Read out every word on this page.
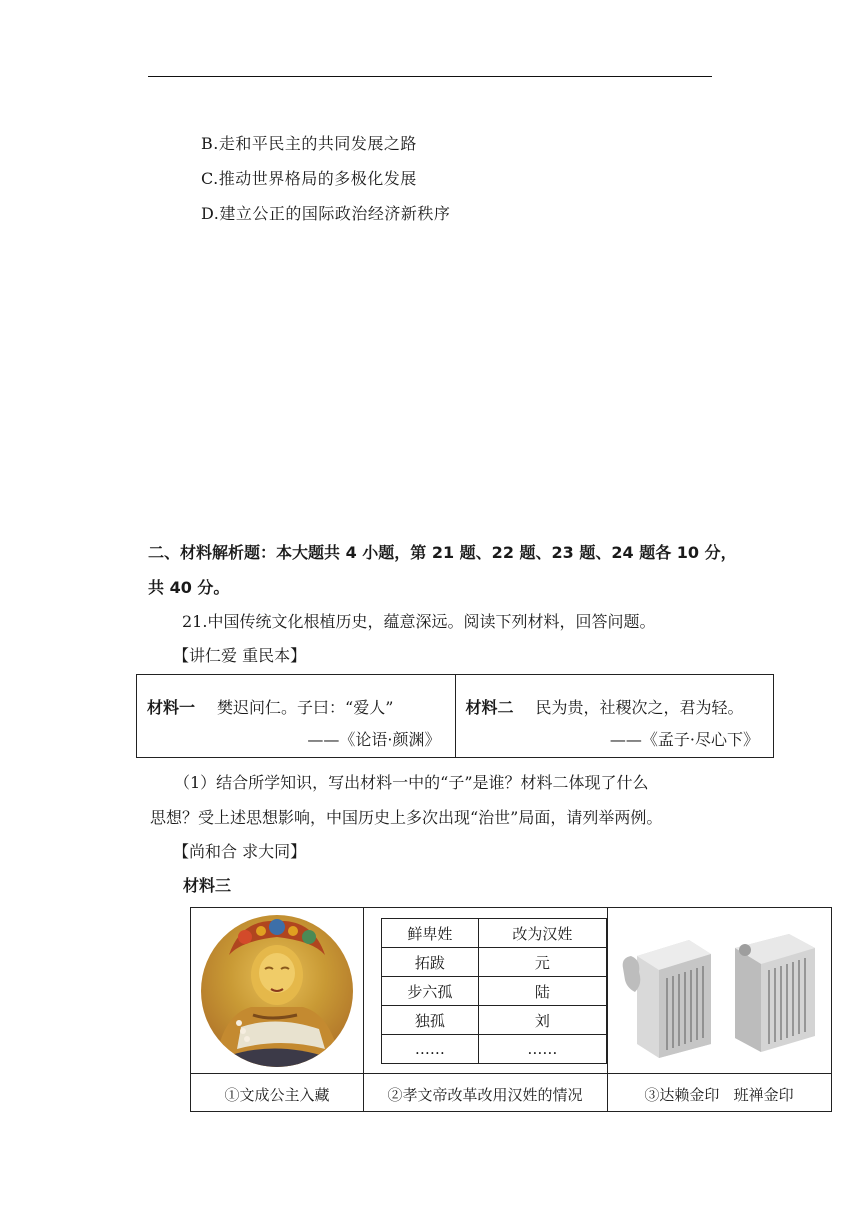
B.走和平民主的共同发展之路
C.推动世界格局的多极化发展
D.建立公正的国际政治经济新秩序
二、材料解析题：本大题共 4 小题，第 21 题、22 题、23 题、24 题各 10 分，
共 40 分。
21.中国传统文化根植历史，蕴意深远。阅读下列材料，回答问题。
【讲仁爱 重民本】
材料一 樊迟问仁。子曰：“爱人”
——《论语·颜渊》
材料二 民为贵，社稷次之，君为轻。
——《孟子·尽心下》
（1）结合所学知识，写出材料一中的“子”是谁？材料二体现了什么
思想？受上述思想影响，中国历史上多次出现“治世”局面，请列举两例。
【尚和合 求大同】
材料三
鲜卑姓	改为汉姓
拓跋	元
步六孤	陆
独孤	刘
……	……
①文成公主入藏	②孝文帝改革改用汉姓的情况	③达赖金印   班禅金印
